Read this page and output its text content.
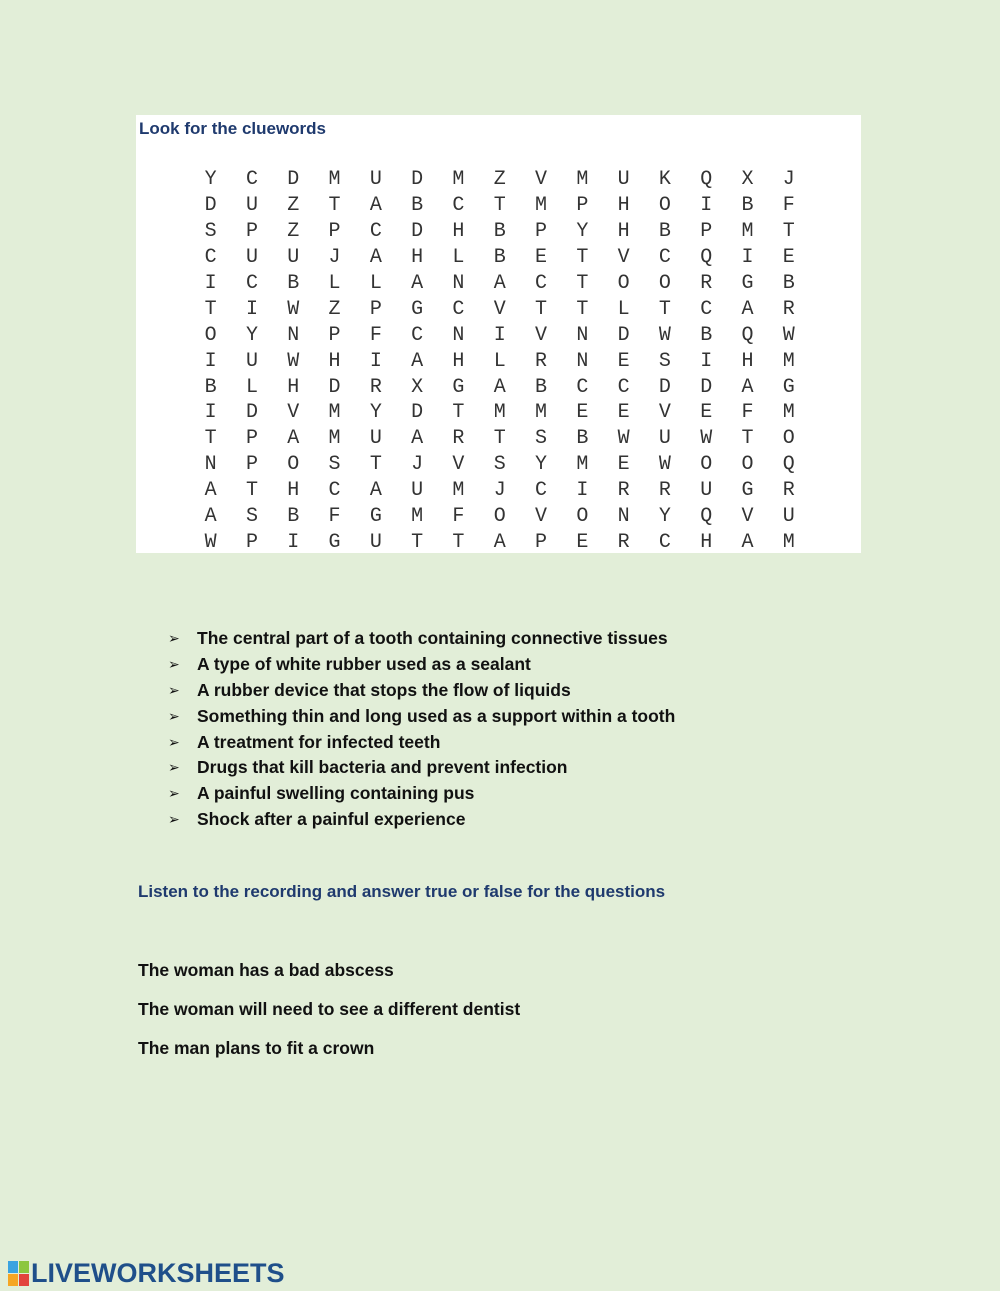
Look for the cluewords

Y	C	D	M	U	D	M	Z	V	M	U	K	Q	X	J
D	U	Z	T	A	B	C	T	M	P	H	O	I	B	F
S	P	Z	P	C	D	H	B	P	Y	H	B	P	M	T
C	U	U	J	A	H	L	B	E	T	V	C	Q	I	E
I	C	B	L	L	A	N	A	C	T	O	O	R	G	B
T	I	W	Z	P	G	C	V	T	T	L	T	C	A	R
O	Y	N	P	F	C	N	I	V	N	D	W	B	Q	W
I	U	W	H	I	A	H	L	R	N	E	S	I	H	M
B	L	H	D	R	X	G	A	B	C	C	D	D	A	G
I	D	V	M	Y	D	T	M	M	E	E	V	E	F	M
T	P	A	M	U	A	R	T	S	B	W	U	W	T	O
N	P	O	S	T	J	V	S	Y	M	E	W	O	O	Q
A	T	H	C	A	U	M	J	C	I	R	R	U	G	R
A	S	B	F	G	M	F	O	V	O	N	Y	Q	V	U
W	P	I	G	U	T	T	A	P	E	R	C	H	A	M
➢ The central part of a tooth containing connective tissues
➢ A type of white rubber used as a sealant
➢ A rubber device that stops the flow of liquids
➢ Something thin and long used as a support within a tooth
➢ A treatment for infected teeth
➢ Drugs that kill bacteria and prevent infection
➢ A painful swelling containing pus
➢ Shock after a painful experience

Listen to the recording and answer true or false for the questions

The woman has a bad abscess

The woman will need to see a different dentist

The man plans to fit a crown

LIVEWORKSHEETS
